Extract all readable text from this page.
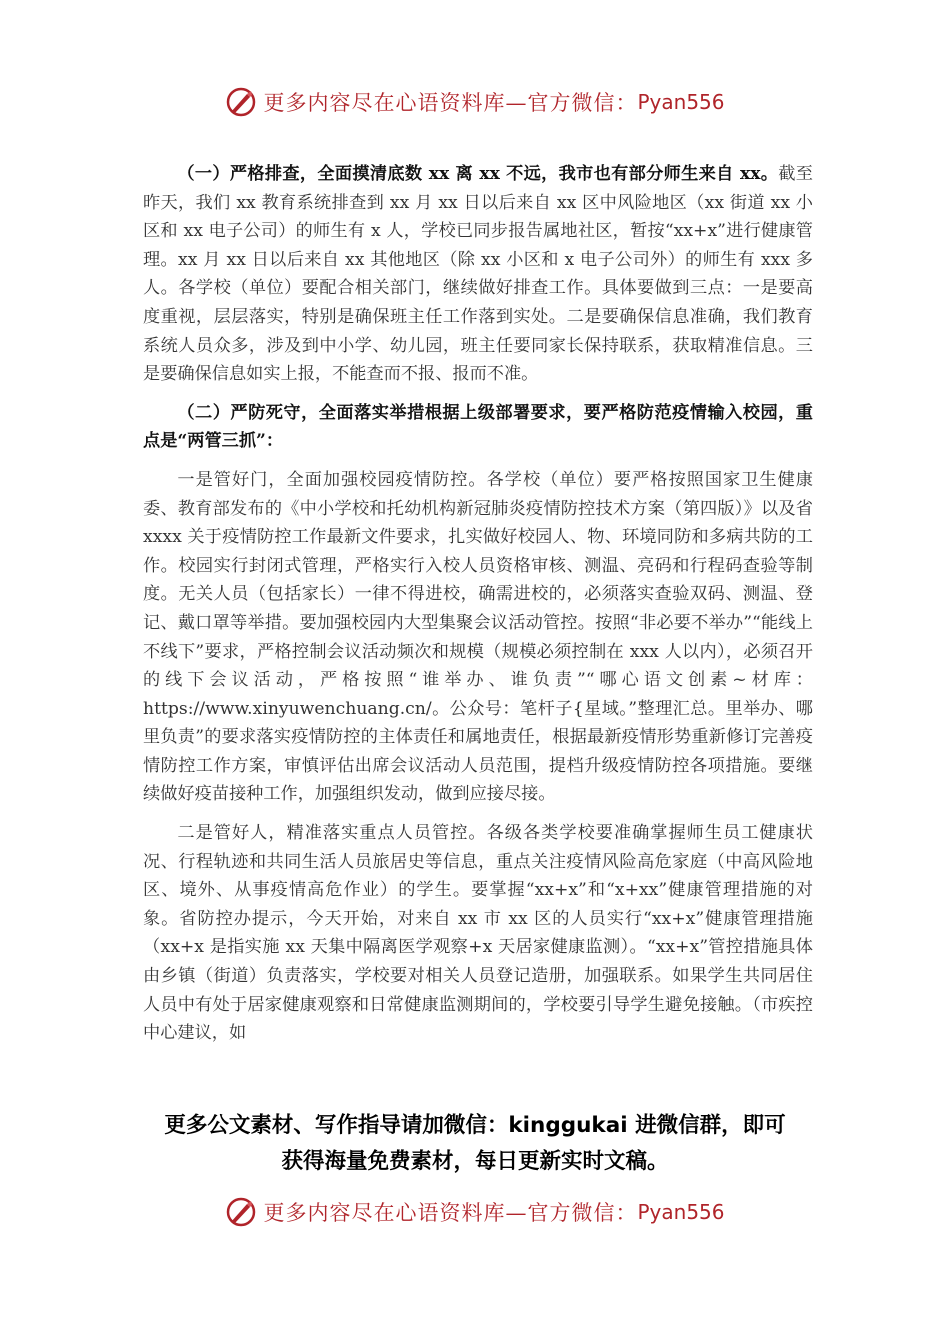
更多内容尽在心语资料库—官方微信： Pyan556

（一）严格排查，全面摸清底数 xx 离 xx 不远，我市也有部分师生来自 xx。截至昨天，我们 xx 教育系统排查到 xx 月 xx 日以后来自 xx 区中风险地区（xx 街道 xx 小区和 xx 电子公司）的师生有 x 人，学校已同步报告属地社区，暂按“xx+x”进行健康管理。xx 月 xx 日以后来自 xx 其他地区（除 xx 小区和 x 电子公司外）的师生有 xxx 多人。各学校（单位）要配合相关部门，继续做好排查工作。具体要做到三点：一是要高度重视，层层落实，特别是确保班主任工作落到实处。二是要确保信息准确，我们教育系统人员众多，涉及到中小学、幼儿园，班主任要同家长保持联系，获取精准信息。三是要确保信息如实上报，不能查而不报、报而不准。

（二）严防死守，全面落实举措根据上级部署要求，要严格防范疫情输入校园，重点是“两管三抓”：

一是管好门，全面加强校园疫情防控。各学校（单位）要严格按照国家卫生健康委、教育部发布的《中小学校和托幼机构新冠肺炎疫情防控技术方案（第四版）》以及省 xxxx 关于疫情防控工作最新文件要求，扎实做好校园人、物、环境同防和多病共防的工作。校园实行封闭式管理，严格实行入校人员资格审核、测温、亮码和行程码查验等制度。无关人员（包括家长）一律不得进校，确需进校的，必须落实查验双码、测温、登记、戴口罩等举措。要加强校园内大型集聚会议活动管控。按照“非必要不举办”“能线上不线下”要求，严格控制会议活动频次和规模（规模必须控制在 xxx 人以内），必须召开的线下会议活动，严格按照“谁举办、谁负责”“哪心语文创素~材库：https://www.xinyuwenchuang.cn/。公众号：笔杆子{星域。”整理汇总。里举办、哪里负责”的要求落实疫情防控的主体责任和属地责任，根据最新疫情形势重新修订完善疫情防控工作方案，审慎评估出席会议活动人员范围，提档升级疫情防控各项措施。要继续做好疫苗接种工作，加强组织发动，做到应接尽接。

二是管好人，精准落实重点人员管控。各级各类学校要准确掌握师生员工健康状况、行程轨迹和共同生活人员旅居史等信息，重点关注疫情风险高危家庭（中高风险地区、境外、从事疫情高危作业）的学生。要掌握“xx+x”和“x+xx”健康管理措施的对象。省防控办提示，今天开始，对来自 xx 市 xx 区的人员实行“xx+x”健康管理措施（xx+x 是指实施 xx 天集中隔离医学观察+x 天居家健康监测）。“xx+x”管控措施具体由乡镇（街道）负责落实，学校要对相关人员登记造册，加强联系。如果学生共同居住人员中有处于居家健康观察和日常健康监测期间的，学校要引导学生避免接触。（市疾控中心建议，如

更多公文素材、写作指导请加微信：kinggukai 进微信群，即可
获得海量免费素材，每日更新实时文稿。
更多内容尽在心语资料库—官方微信： Pyan556
